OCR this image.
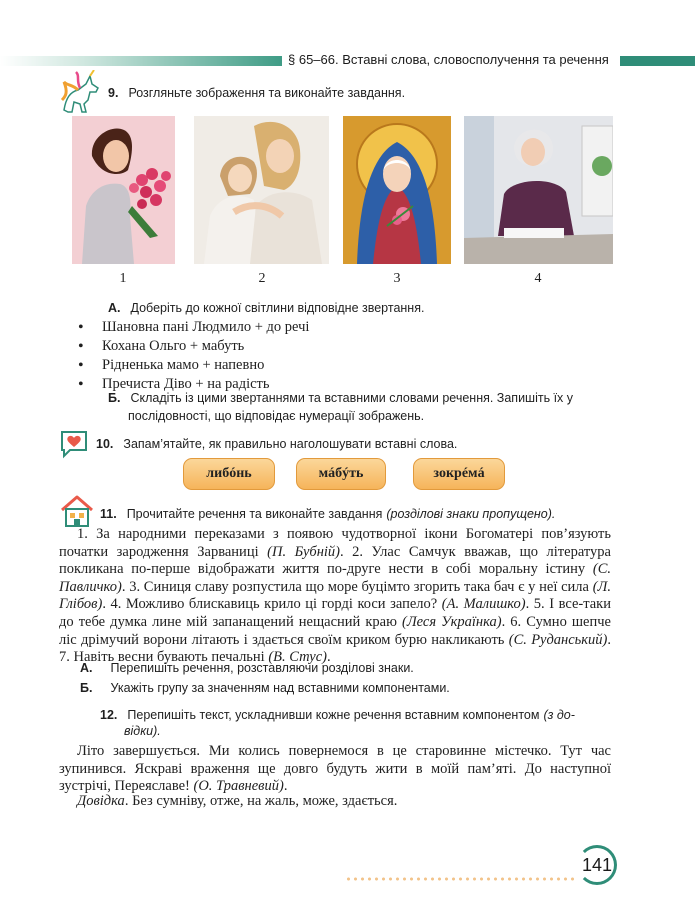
§ 65–66. Вставні слова, словосполучення та речення
9. Розгляньте зображення та виконайте завдання.
1	2	3	4
А. Доберіть до кожної світлини відповідне звертання.
• Шановна пані Людмило + до речі
• Кохана Ольго + мабуть
• Рідненька мамо + напевно
• Пречиста Діво + на радість
Б. Складіть із цими звертаннями та вставними словами речення. Запишіть їх у
послідовності, що відповідає нумерації зображень.
10. Запам’ятайте, як правильно наголошувати вставні слова.
либóнь	мáбýть	зокрéмá
11. Прочитайте речення та виконайте завдання (розділові знаки пропущено).
1. За народними переказами з появою чудотворної ікони Богоматері пов’язують початки зародження Зарваниці (П. Бубній). 2. Улас Самчук вважав, що література покликана по-перше відображати життя по-друге нести в собі моральну істину (С. Павличко). 3. Синиця славу розпустила що море буцімто згорить така бач є у неї сила (Л. Глібов). 4. Можливо блискавиць крило ці горді коси запело? (А. Малишко). 5. І все-таки до тебе думка лине мій запанащений нещасний краю (Леся Українка). 6. Сумно шепче ліс дрімучий ворони літають і здається своїм криком бурю накликають (С. Руданський). 7. Навіть весни бувають печальні (В. Стус).
А. Перепишіть речення, розставляючи розділові знаки.
Б. Укажіть групу за значенням над вставними компонентами.
12. Перепишіть текст, ускладнивши кожне речення вставним компонентом (з до-
відки).
Літо завершується. Ми колись повернемося в це старовинне містечко. Тут час зупинився. Яскраві враження ще довго будуть жити в моїй пам’яті. До наступної зустрічі, Переяславе! (О. Травневий).
Довідка. Без сумніву, отже, на жаль, може, здається.
141
